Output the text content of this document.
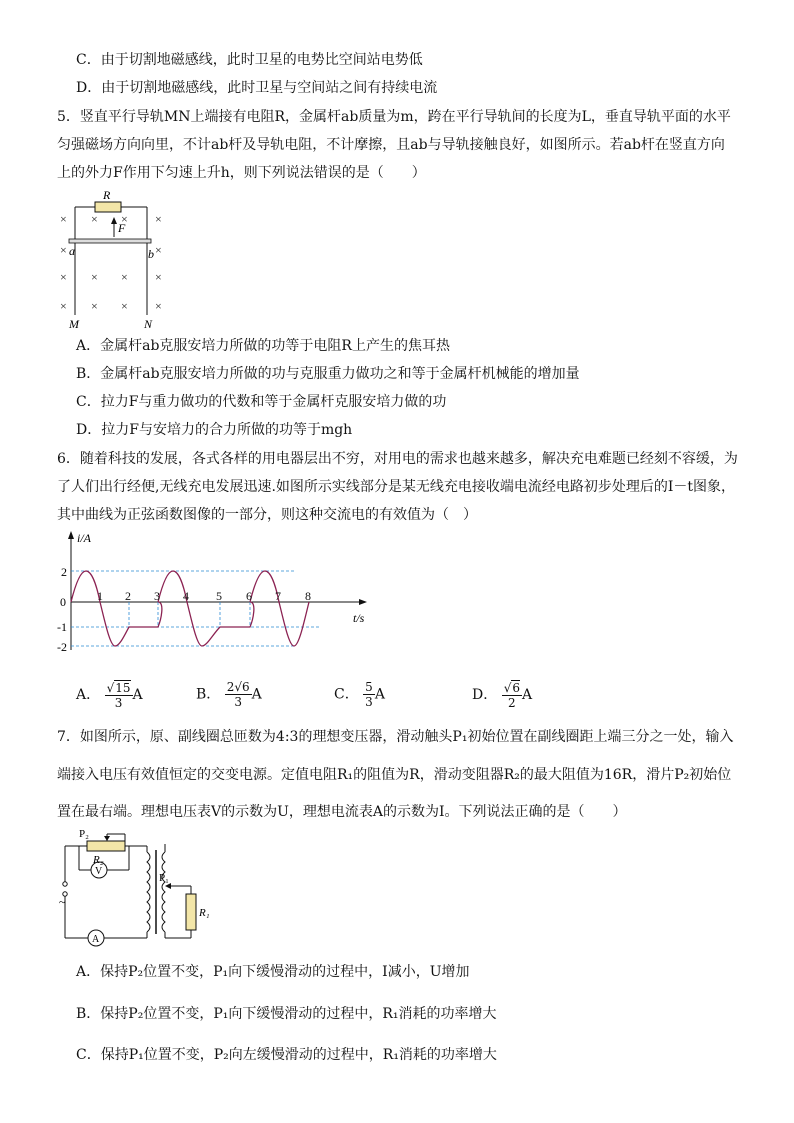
C．由于切割地磁感线，此时卫星的电势比空间站电势低
D．由于切割地磁感线，此时卫星与空间站之间有持续电流
5．竖直平行导轨MN上端接有电阻R，金属杆ab质量为m，跨在平行导轨间的长度为L，垂直导轨平面的水平
匀强磁场方向向里，不计ab杆及导轨电阻，不计摩擦，且ab与导轨接触良好，如图所示。若ab杆在竖直方向
上的外力F作用下匀速上升h，则下列说法错误的是（　　）
R
F
× × × ×
×	×
× × × ×
× × × ×
a	b
M	N
A．金属杆ab克服安培力所做的功等于电阻R上产生的焦耳热
B．金属杆ab克服安培力所做的功与克服重力做功之和等于金属杆机械能的增加量
C．拉力F与重力做功的代数和等于金属杆克服安培力做的功
D．拉力F与安培力的合力所做的功等于mgh
6．随着科技的发展，各式各样的用电器层出不穷，对用电的需求也越来越多，解决充电难题已经刻不容缓，为
了人们出行经便,无线充电发展迅速.如图所示实线部分是某无线充电接收端电流经电路初步处理后的I－t图象，
其中曲线为正弦函数图像的一部分，则这种交流电的有效值为（　）
i/A
t/s
0
2
-1
-2
1 2 3 4 5 6 7 8
A． $\frac{√15}{3}$ A	B． $\frac{2√6}{3}$ A	C． $\frac{5}{3}$ A	D． $\frac{√6}{2}$ A
7．如图所示，原、副线圈总匝数为4:3的理想变压器，滑动触头P₁初始位置在副线圈距上端三分之一处，输入
端接入电压有效值恒定的交变电源。定值电阻R₁的阻值为R，滑动变阻器R₂的最大阻值为16R，滑片P₂初始位
置在最右端。理想电压表V的示数为U，理想电流表A的示数为I。下列说法正确的是（　　）
P₂
R₂
V
A
P₁
R₁
~
A．保持P₂位置不变，P₁向下缓慢滑动的过程中，I减小，U增加
B．保持P₂位置不变，P₁向下缓慢滑动的过程中，R₁消耗的功率增大
C．保持P₁位置不变，P₂向左缓慢滑动的过程中，R₁消耗的功率增大
